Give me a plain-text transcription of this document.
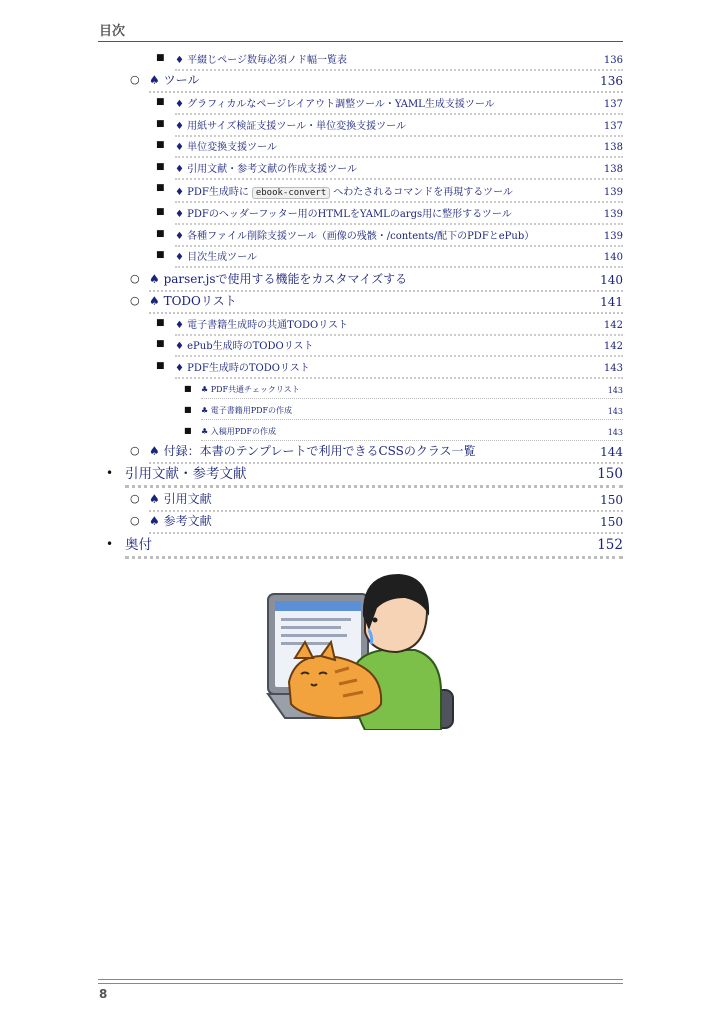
目次
■ ♦ 平綴じページ数毎必須ノド幅一覧表	136
○ ♠ ツール	136
■ ♦ グラフィカルなページレイアウト調整ツール・YAML生成支援ツール	137
■ ♦ 用紙サイズ検証支援ツール・単位変換支援ツール	137
■ ♦ 単位変換支援ツール	138
■ ♦ 引用文献・参考文献の作成支援ツール	138
■ ♦ PDF生成時に ebook-convert へわたされるコマンドを再現するツール	139
■ ♦ PDFのヘッダーフッター用のHTMLをYAMLのargs用に整形するツール	139
■ ♦ 各種ファイル削除支援ツール（画像の残骸・/contents/配下のPDFとePub）	139
■ ♦ 目次生成ツール	140
○ ♠ parser.jsで使用する機能をカスタマイズする	140
○ ♠ TODOリスト	141
■ ♦ 電子書籍生成時の共通TODOリスト	142
■ ♦ ePub生成時のTODOリスト	142
■ ♦ PDF生成時のTODOリスト	143
■ ♣ PDF共通チェックリスト	143
■ ♣ 電子書籍用PDFの作成	143
■ ♣ 入稿用PDFの作成	143
○ ♠ 付録：本書のテンプレートで利用できるCSSのクラス一覧	144
• 引用文献・参考文献	150
○ ♠ 引用文献	150
○ ♠ 参考文献	150
• 奥付	152
8
